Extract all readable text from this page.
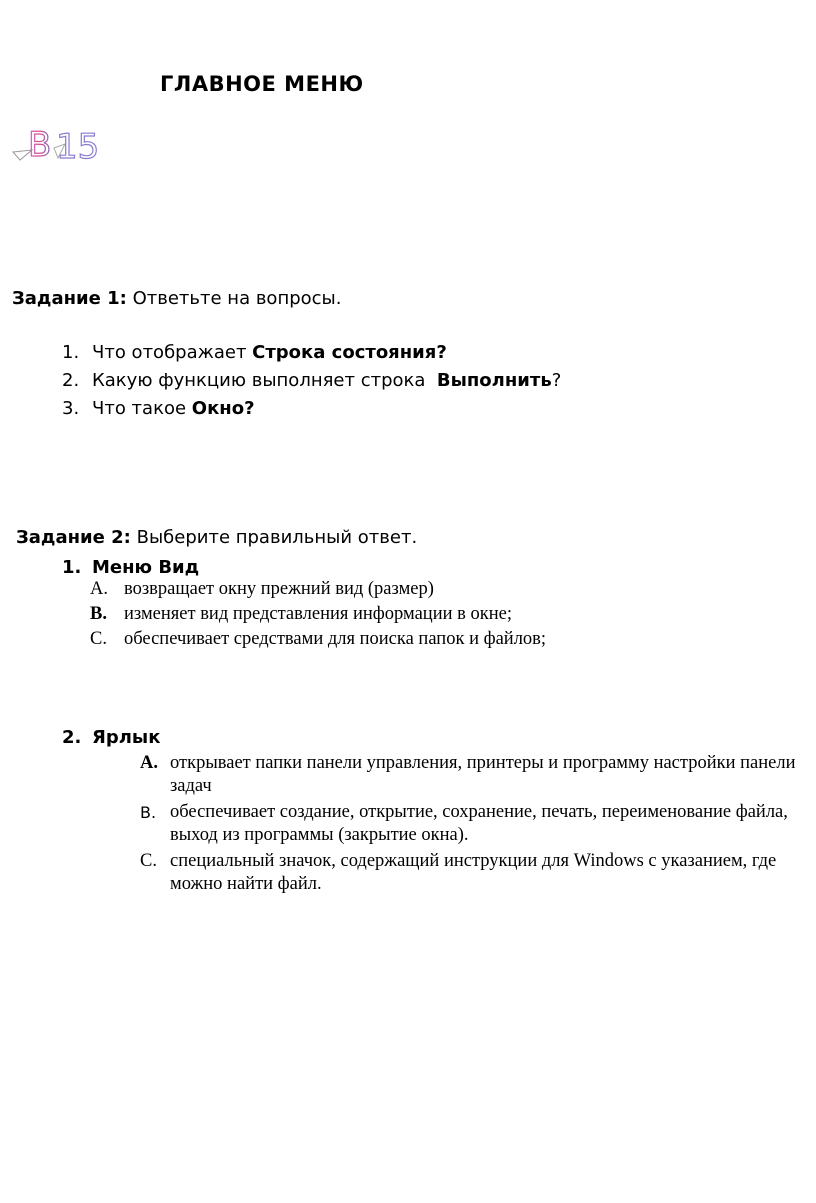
ГЛАВНОЕ МЕНЮ
B 15
Задание 1: Ответьте на вопросы.
1. Что отображает Строка состояния?
2. Какую функцию выполняет строка  Выполнить?
3. Что такое Окно?
Задание 2: Выберите правильный ответ.
1. Меню Вид
A. возвращает окну прежний вид (размер)
B. изменяет вид представления информации в окне;
C. обеспечивает средствами для поиска папок и файлов;
2. Ярлык
A. открывает папки панели управления, принтеры и программу настройки панели задач
B. обеспечивает создание, открытие, сохранение, печать, переименование файла, выход из программы (закрытие окна).
C. специальный значок, содержащий инструкции для Windows с указанием, где можно найти файл.
